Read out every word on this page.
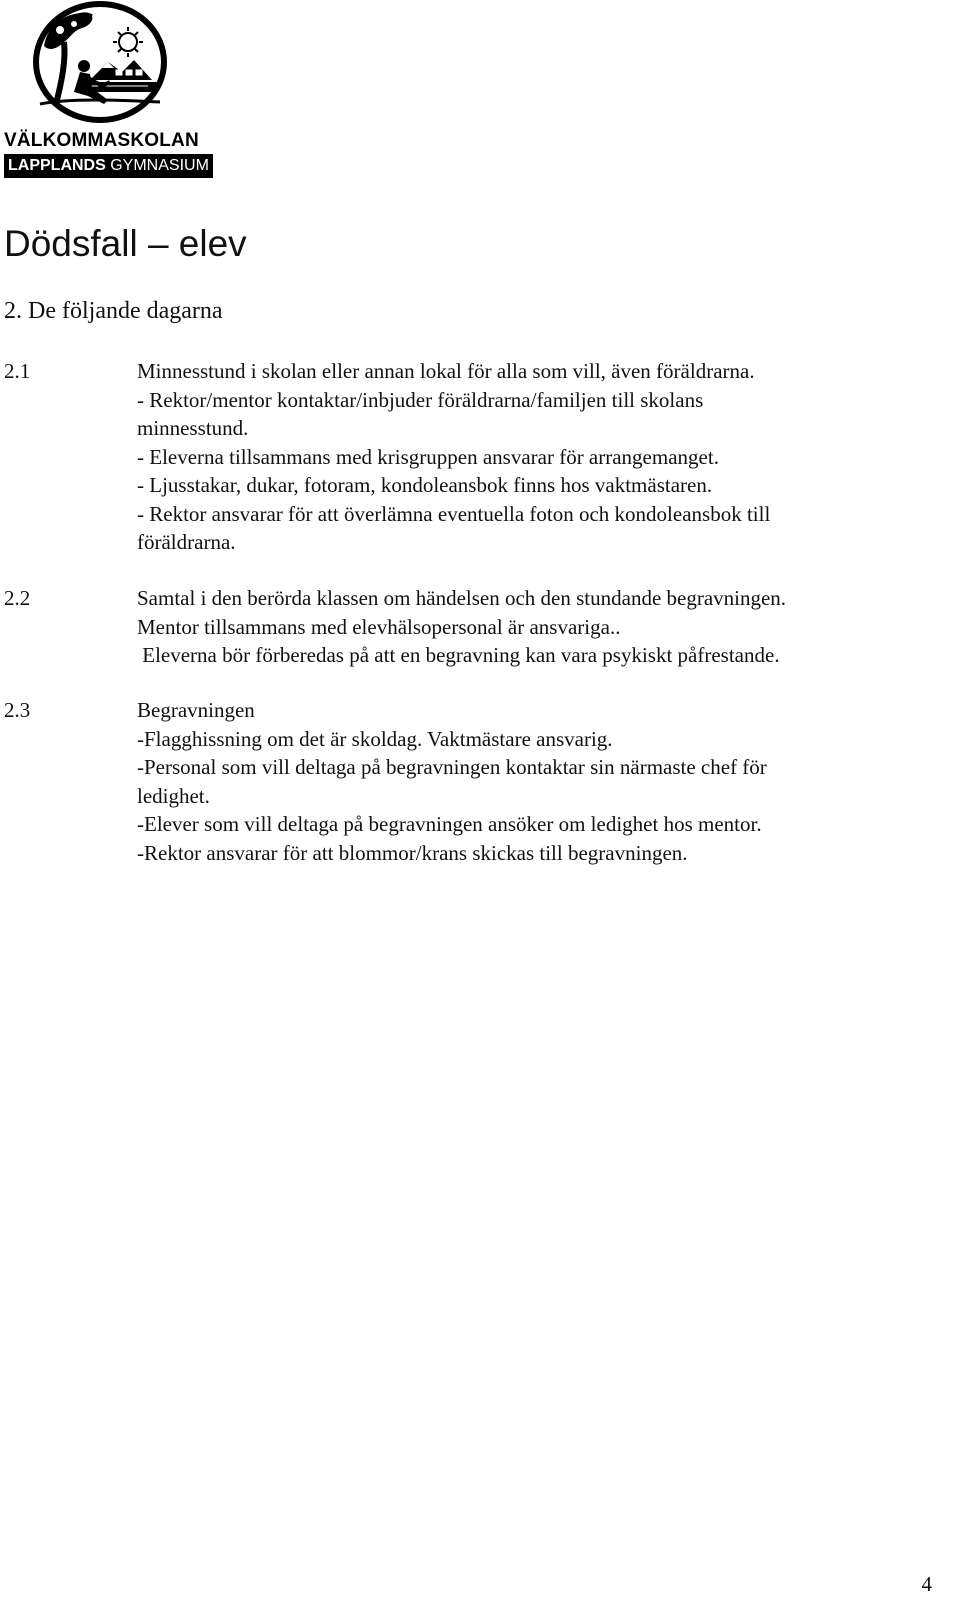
VÄLKOMMASKOLAN
LAPPLANDS GYMNASIUM
Dödsfall – elev
2. De följande dagarna
2.1	Minnesstund i skolan eller annan lokal för alla som vill, även föräldrarna.
- Rektor/mentor kontaktar/inbjuder föräldrarna/familjen till skolans
minnesstund.
- Eleverna tillsammans med krisgruppen ansvarar för arrangemanget.
- Ljusstakar, dukar, fotoram, kondoleansbok finns hos vaktmästaren.
- Rektor ansvarar för att överlämna eventuella foton och kondoleansbok till
föräldrarna.
2.2	Samtal i den berörda klassen om händelsen och den stundande begravningen.
Mentor tillsammans med elevhälsopersonal är ansvariga..
Eleverna bör förberedas på att en begravning kan vara psykiskt påfrestande.
2.3	Begravningen
-Flagghissning om det är skoldag. Vaktmästare ansvarig.
-Personal som vill deltaga på begravningen kontaktar sin närmaste chef för
ledighet.
-Elever som vill deltaga på begravningen ansöker om ledighet hos mentor.
-Rektor ansvarar för att blommor/krans skickas till begravningen.
4
